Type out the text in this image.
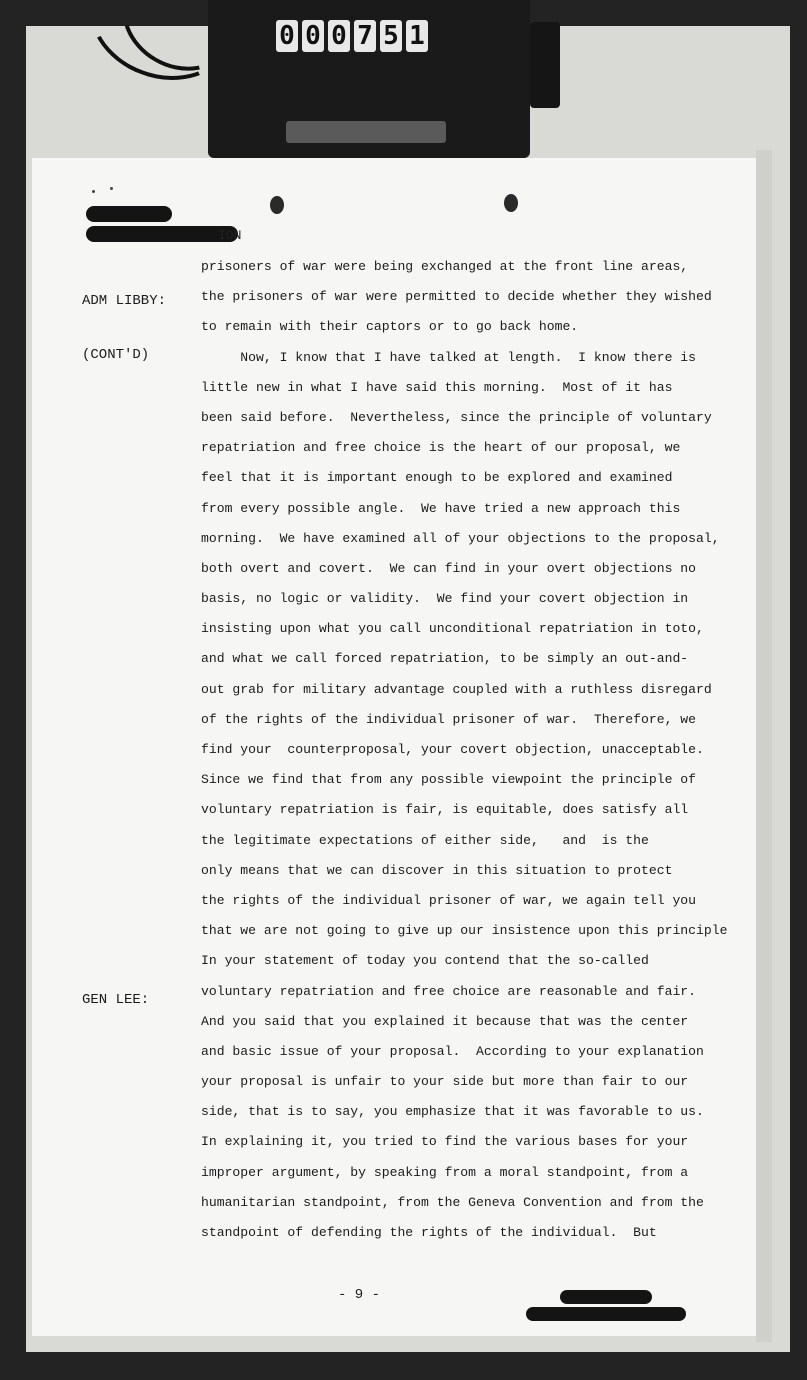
0 0 0 7 5 1
ION

ADM LIBBY:

(CONT'D)

GEN LEE:

prisoners of war were being exchanged at the front line areas,
the prisoners of war were permitted to decide whether they wished
to remain with their captors or to go back home.
Now, I know that I have talked at length.  I know there is
little new in what I have said this morning.  Most of it has
been said before.  Nevertheless, since the principle of voluntary
repatriation and free choice is the heart of our proposal, we
feel that it is important enough to be explored and examined
from every possible angle.  We have tried a new approach this
morning.  We have examined all of your objections to the proposal,
both overt and covert.  We can find in your overt objections no
basis, no logic or validity.  We find your covert objection in
insisting upon what you call unconditional repatriation in toto,
and what we call forced repatriation, to be simply an out-and-
out grab for military advantage coupled with a ruthless disregard
of the rights of the individual prisoner of war.  Therefore, we
find your  counterproposal, your covert objection, unacceptable.
Since we find that from any possible viewpoint the principle of
voluntary repatriation is fair, is equitable, does satisfy all
the legitimate expectations of either side,   and  is the
only means that we can discover in this situation to protect
the rights of the individual prisoner of war, we again tell you
that we are not going to give up our insistence upon this principle
In your statement of today you contend that the so-called
voluntary repatriation and free choice are reasonable and fair.
And you said that you explained it because that was the center
and basic issue of your proposal.  According to your explanation
your proposal is unfair to your side but more than fair to our
side, that is to say, you emphasize that it was favorable to us.
In explaining it, you tried to find the various bases for your
improper argument, by speaking from a moral standpoint, from a
humanitarian standpoint, from the Geneva Convention and from the
standpoint of defending the rights of the individual.  But
- 9 -
